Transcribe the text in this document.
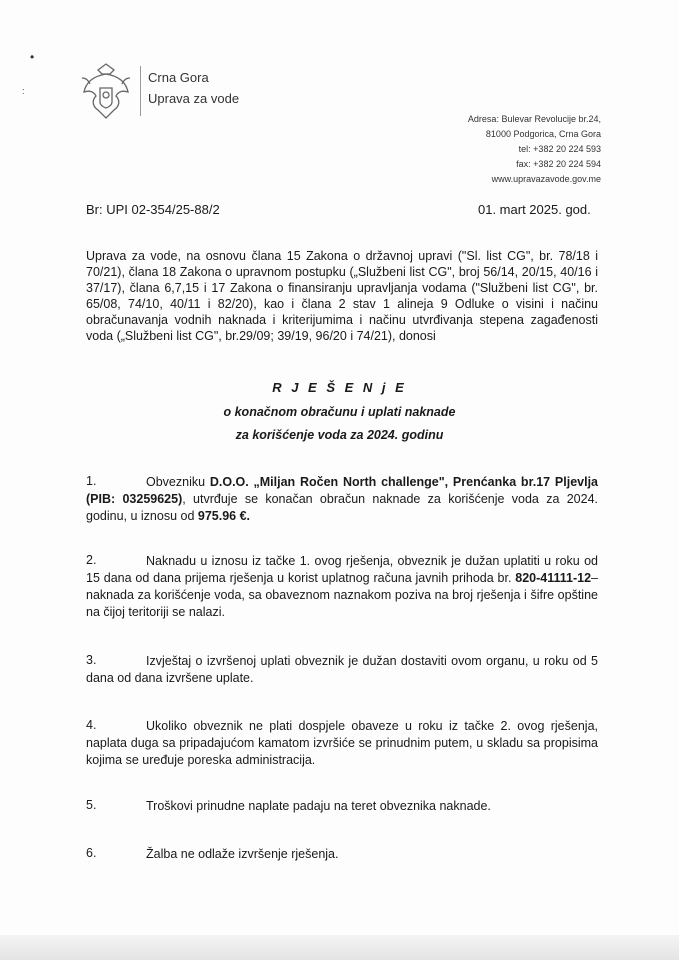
•
:
Crna Gora
Uprava za vode
Adresa: Bulevar Revolucije br.24,
81000 Podgorica, Crna Gora
tel: +382 20 224 593
fax: +382 20 224 594
www.upravazavode.gov.me
Br: UPI 02-354/25-88/2	01. mart 2025. god.
Uprava za vode, na osnovu člana 15 Zakona o državnoj upravi ("Sl. list CG", br. 78/18 i 70/21), člana 18 Zakona o upravnom postupku („Službeni list CG", broj 56/14, 20/15, 40/16 i 37/17), člana 6,7,15 i 17 Zakona o finansiranju upravljanja vodama ("Službeni list CG", br. 65/08, 74/10, 40/11 i 82/20), kao i člana 2 stav 1 alineja 9 Odluke o visini i načinu obračunavanja vodnih naknada i kriterijumima i načinu utvrđivanja stepena zagađenosti voda („Službeni list CG", br.29/09; 39/19, 96/20 i 74/21), donosi
R J E Š E N j E
o konačnom obračunu i uplati naknade
za korišćenje voda za 2024. godinu
1.	Obvezniku D.O.O. „Miljan Ročen North challenge", Prenćanka br.17 Pljevlja (PIB: 03259625), utvrđuje se konačan obračun naknade za korišćenje voda za 2024. godinu, u iznosu od 975.96 €.
2.	Naknadu u iznosu iz tačke 1. ovog rješenja, obveznik je dužan uplatiti u roku od 15 dana od dana prijema rješenja u korist uplatnog računa javnih prihoda br. 820-41111-12–naknada za korišćenje voda, sa obaveznom naznakom poziva na broj rješenja i šifre opštine na čijoj teritoriji se nalazi.
3.	Izvještaj o izvršenoj uplati obveznik je dužan dostaviti ovom organu, u roku od 5 dana od dana izvršene uplate.
4.	Ukoliko obveznik ne plati dospjele obaveze u roku iz tačke 2. ovog rješenja, naplata duga sa pripadajućom kamatom izvršiće se prinudnim putem, u skladu sa propisima kojima se uređuje poreska administracija.
5.	Troškovi prinudne naplate padaju na teret obveznika naknade.
6.	Žalba ne odlaže izvršenje rješenja.
